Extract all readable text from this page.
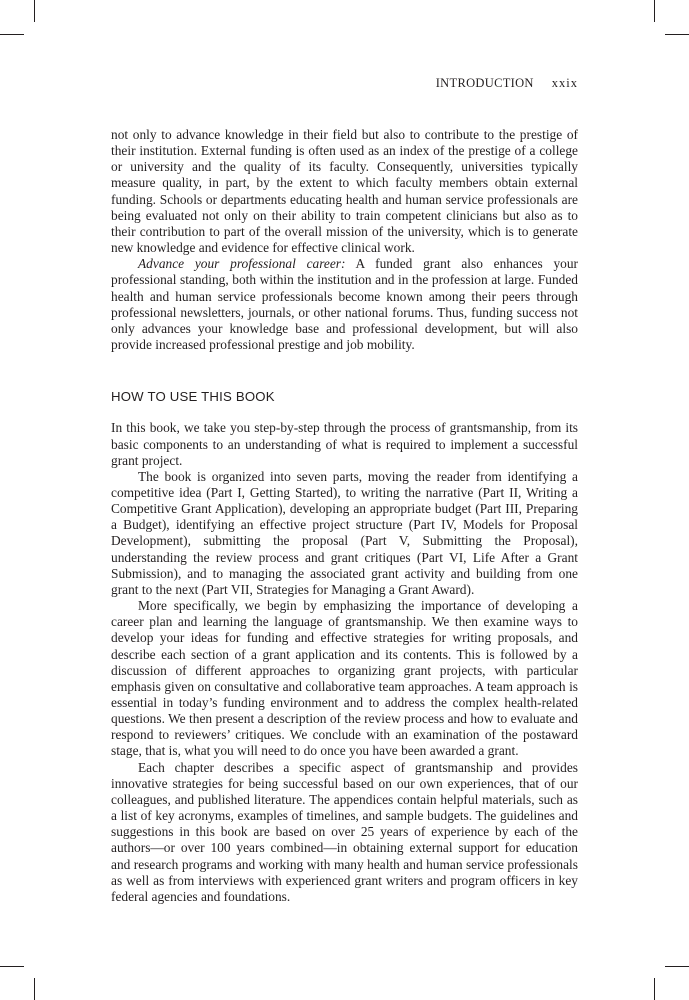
INTRODUCTION xxix

not only to advance knowledge in their field but also to contribute to the prestige of their institution. External funding is often used as an index of the prestige of a college or university and the quality of its faculty. Consequently, universities typically measure quality, in part, by the extent to which faculty members obtain external funding. Schools or departments educating health and human service professionals are being evaluated not only on their ability to train competent clinicians but also as to their contribution to part of the overall mission of the university, which is to generate new knowledge and evidence for effective clinical work.

Advance your professional career: A funded grant also enhances your professional standing, both within the institution and in the profession at large. Funded health and human service professionals become known among their peers through professional newsletters, journals, or other national forums. Thus, funding success not only advances your knowledge base and professional development, but will also provide increased professional prestige and job mobility.

HOW TO USE THIS BOOK

In this book, we take you step-by-step through the process of grantsmanship, from its basic components to an understanding of what is required to implement a successful grant project.

The book is organized into seven parts, moving the reader from identifying a competitive idea (Part I, Getting Started), to writing the narrative (Part II, Writing a Competitive Grant Application), developing an appropriate budget (Part III, Preparing a Budget), identifying an effective project structure (Part IV, Models for Proposal Development), submitting the proposal (Part V, Submitting the Proposal), understanding the review process and grant critiques (Part VI, Life After a Grant Submission), and to managing the associated grant activity and building from one grant to the next (Part VII, Strategies for Managing a Grant Award).

More specifically, we begin by emphasizing the importance of developing a career plan and learning the language of grantsmanship. We then examine ways to develop your ideas for funding and effective strategies for writing proposals, and describe each section of a grant application and its contents. This is followed by a discussion of different approaches to organizing grant projects, with particular emphasis given on consultative and collaborative team approaches. A team approach is essential in today’s funding environment and to address the complex health-related questions. We then present a description of the review process and how to evaluate and respond to reviewers’ critiques. We conclude with an examination of the postaward stage, that is, what you will need to do once you have been awarded a grant.

Each chapter describes a specific aspect of grantsmanship and provides innovative strategies for being successful based on our own experiences, that of our colleagues, and published literature. The appendices contain helpful materials, such as a list of key acronyms, examples of timelines, and sample budgets. The guidelines and suggestions in this book are based on over 25 years of experience by each of the authors—or over 100 years combined—in obtaining external support for education and research programs and working with many health and human service professionals as well as from interviews with experienced grant writers and program officers in key federal agencies and foundations.
